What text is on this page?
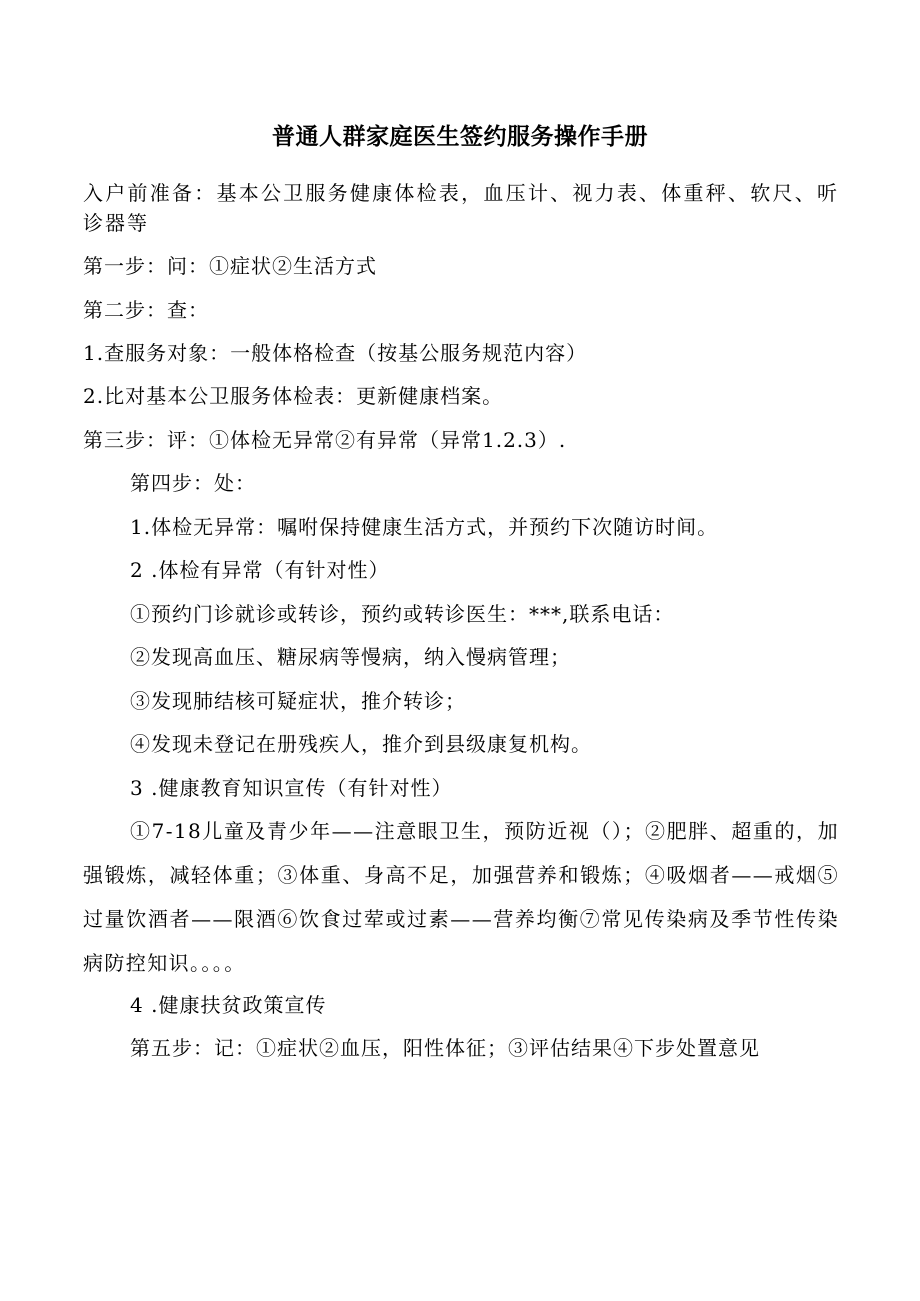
普通人群家庭医生签约服务操作手册

入户前准备：基本公卫服务健康体检表，血压计、视力表、体重秤、软尺、听诊器等

第一步：问：①症状②生活方式

第二步：查：

1.查服务对象：一般体格检查（按基公服务规范内容）

2.比对基本公卫服务体检表：更新健康档案。

第三步：评：①体检无异常②有异常（异常1.2.3）.

第四步：处：

1.体检无异常：嘱咐保持健康生活方式，并预约下次随访时间。

2 .体检有异常（有针对性）

①预约门诊就诊或转诊，预约或转诊医生：***,联系电话：

②发现高血压、糖尿病等慢病，纳入慢病管理；

③发现肺结核可疑症状，推介转诊；

④发现未登记在册残疾人，推介到县级康复机构。

3 .健康教育知识宣传（有针对性）

①7-18儿童及青少年——注意眼卫生，预防近视（）；②肥胖、超重的，加强锻炼，减轻体重；③体重、身高不足，加强营养和锻炼；④吸烟者——戒烟⑤过量饮酒者——限酒⑥饮食过荤或过素——营养均衡⑦常见传染病及季节性传染病防控知识。。。。

4 .健康扶贫政策宣传

第五步：记：①症状②血压，阳性体征；③评估结果④下步处置意见
